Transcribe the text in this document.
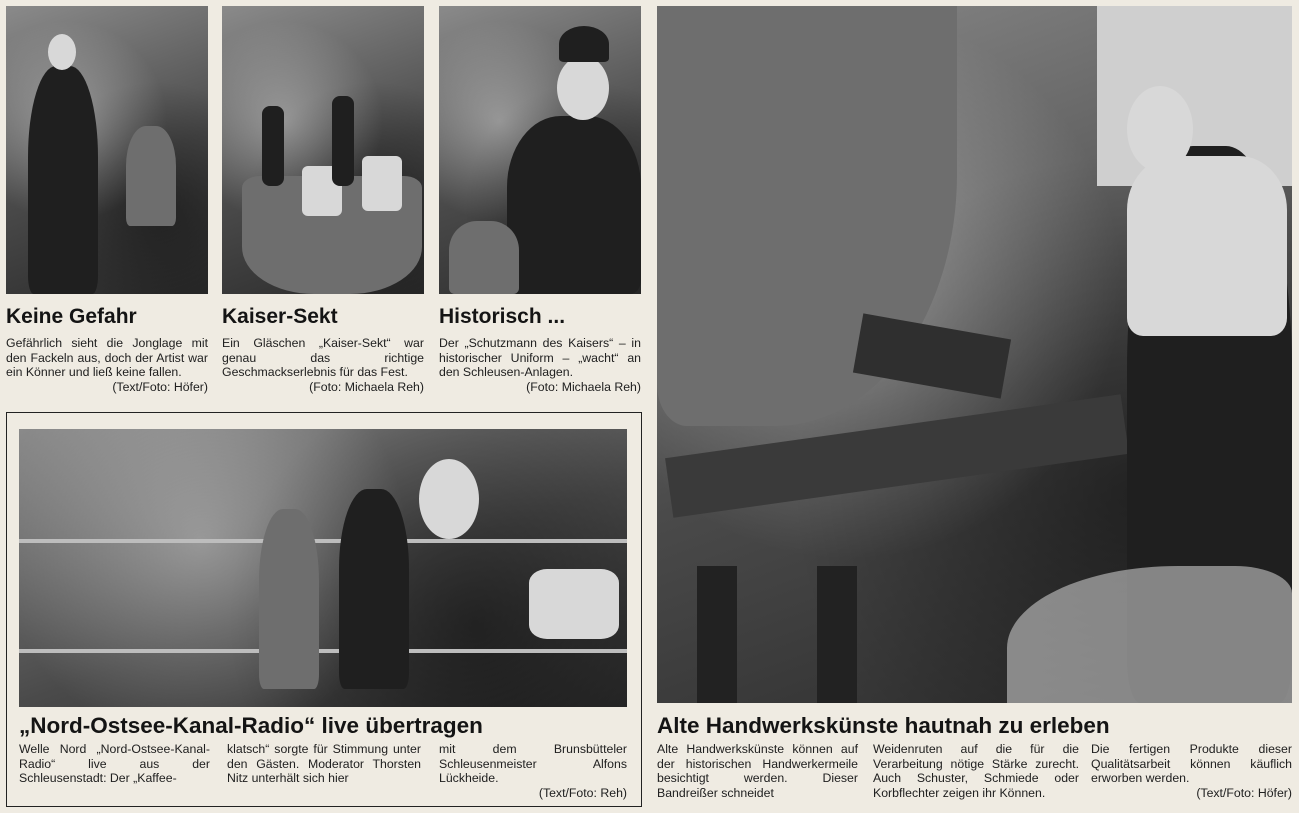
Keine Gefahr

Gefährlich sieht die Jonglage mit den Fackeln aus, doch der Artist war ein Könner und ließ keine fallen.
(Text/Foto: Höfer)

Kaiser-Sekt

Ein Gläschen „Kaiser-Sekt“ war genau das richtige Geschmackserlebnis für das Fest.
(Foto: Michaela Reh)

Historisch ...

Der „Schutzmann des Kaisers“ – in historischer Uniform – „wacht“ an den Schleusen-Anlagen.
(Foto: Michaela Reh)

„Nord-Ostsee-Kanal-Radio“ live übertragen

Welle Nord „Nord-Ostsee-Kanal-Radio“ live aus der Schleusenstadt: Der „Kaffee-

klatsch“ sorgte für Stimmung unter den Gästen. Moderator Thorsten Nitz unterhält sich hier

mit dem Brunsbütteler Schleusenmeister Alfons Lückheide.
(Text/Foto: Reh)

Alte Handwerkskünste hautnah zu erleben

Alte Handwerkskünste können auf der historischen Handwerkermeile besichtigt werden. Dieser Bandreißer schneidet

Weidenruten auf die für die Verarbeitung nötige Stärke zurecht. Auch Schuster, Schmiede oder Korbflechter zeigen ihr Können.

Die fertigen Produkte dieser Qualitätsarbeit können käuflich erworben werden.
(Text/Foto: Höfer)
